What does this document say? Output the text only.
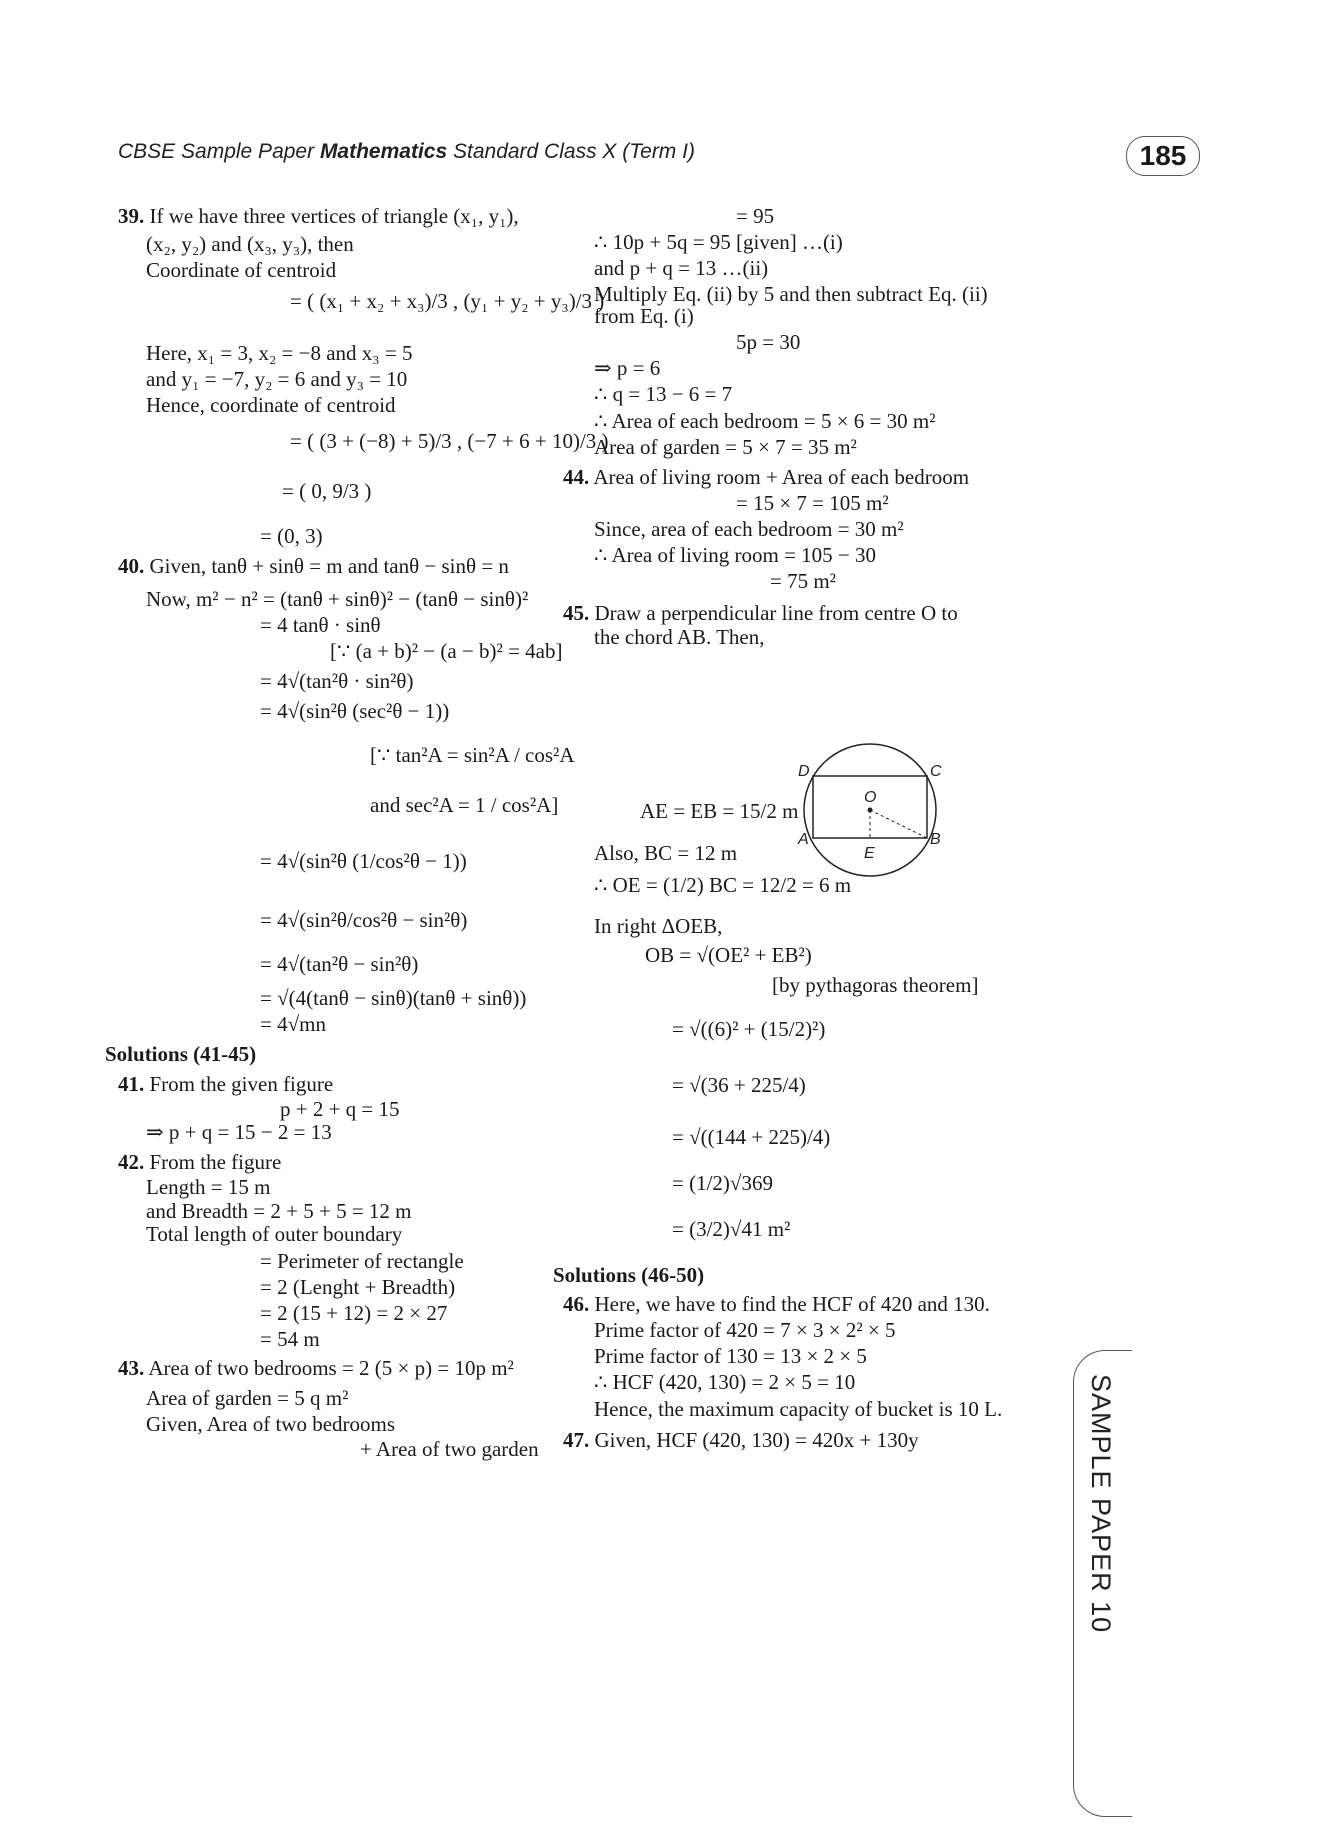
CBSE Sample Paper Mathematics Standard Class X (Term I)	185
SAMPLE PAPER 10
39. If we have three vertices of triangle (x₁, y₁),
(x₂, y₂) and (x₃, y₃), then
Coordinate of centroid
= ( (x₁ + x₂ + x₃)/3 , (y₁ + y₂ + y₃)/3 )
Here, x₁ = 3, x₂ = −8 and x₃ = 5
and y₁ = −7, y₂ = 6 and y₃ = 10
Hence, coordinate of centroid
= ( (3 + (−8) + 5)/3 , (−7 + 6 + 10)/3 )
= ( 0, 9/3 )
= (0, 3)
40. Given, tanθ + sinθ = m and tanθ − sinθ = n
Now, m² − n² = (tanθ + sinθ)² − (tanθ − sinθ)²
= 4 tanθ · sinθ
[∵ (a + b)² − (a − b)² = 4ab]
= 4√(tan²θ · sin²θ)
= 4√(sin²θ (sec²θ − 1))
[∵ tan²A = sin²A / cos²A
and sec²A = 1 / cos²A]
= 4√(sin²θ (1/cos²θ − 1))
= 4√(sin²θ/cos²θ − sin²θ)
= 4√(tan²θ − sin²θ)
= √(4(tanθ − sinθ)(tanθ + sinθ))
= 4√mn
Solutions (41-45)
41. From the given figure
p + 2 + q = 15
⇒ p + q = 15 − 2 = 13
42. From the figure
Length = 15 m
and Breadth = 2 + 5 + 5 = 12 m
Total length of outer boundary
= Perimeter of rectangle
= 2 (Lenght + Breadth)
= 2 (15 + 12) = 2 × 27
= 54 m
43. Area of two bedrooms = 2 (5 × p) = 10p m²
Area of garden = 5 q m²
Given, Area of two bedrooms
+ Area of two garden
= 95
∴ 10p + 5q = 95 [given] …(i)
and p + q = 13 …(ii)
Multiply Eq. (ii) by 5 and then subtract Eq. (ii)
from Eq. (i)
5p = 30
⇒ p = 6
∴ q = 13 − 6 = 7
∴ Area of each bedroom = 5 × 6 = 30 m²
Area of garden = 5 × 7 = 35 m²
44. Area of living room + Area of each bedroom
= 15 × 7 = 105 m²
Since, area of each bedroom = 30 m²
∴ Area of living room = 105 − 30
= 75 m²
45. Draw a perpendicular line from centre O to
the chord AB. Then,
AE = EB = 15/2 m
Also, BC = 12 m
∴ OE = (1/2) BC = 12/2 = 6 m
In right ΔOEB,
OB = √(OE² + EB²)
[by pythagoras theorem]
= √((6)² + (15/2)²)
= √(36 + 225/4)
= √((144 + 225)/4)
= (1/2)√369
= (3/2)√41 m²
Solutions (46-50)
46. Here, we have to find the HCF of 420 and 130.
Prime factor of 420 = 7 × 3 × 2² × 5
Prime factor of 130 = 13 × 2 × 5
∴ HCF (420, 130) = 2 × 5 = 10
Hence, the maximum capacity of bucket is 10 L.
47. Given, HCF (420, 130) = 420x + 130y
D	C
O
A
E
B
